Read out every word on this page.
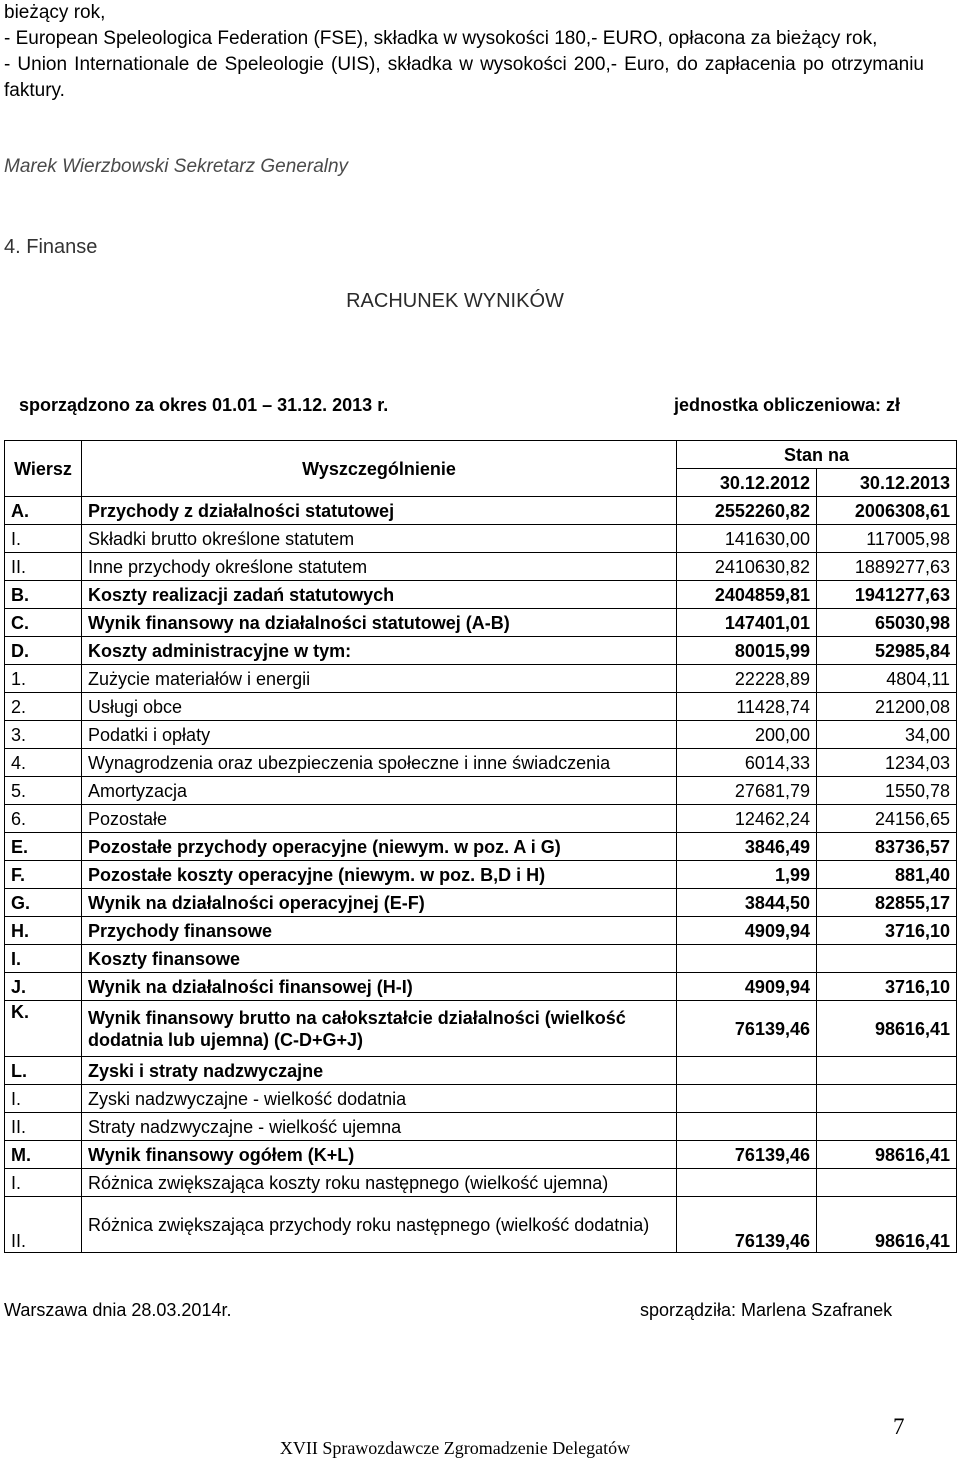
bieżący rok,

- European Speleologica Federation (FSE), składka w wysokości 180,- EURO, opłacona za bieżący rok,

- Union Internationale de Speleologie (UIS), składka w wysokości 200,- Euro, do zapłacenia po otrzymaniu faktury.

Marek Wierzbowski Sekretarz Generalny
4. Finanse
RACHUNEK WYNIKÓW
sporządzono za okres 01.01 – 31.12. 2013 r.	jednostka obliczeniowa: zł
Wiersz	Wyszczególnienie	Stan na	
		30.12.2012	30.12.2013
A.	Przychody z działalności statutowej	2552260,82	2006308,61
I.	Składki brutto określone statutem	141630,00	117005,98
II.	Inne przychody określone statutem	2410630,82	1889277,63
B.	Koszty realizacji zadań statutowych	2404859,81	1941277,63
C.	Wynik finansowy na działalności statutowej (A-B)	147401,01	65030,98
D.	Koszty administracyjne w tym:	80015,99	52985,84
1.	Zużycie materiałów i energii	22228,89	4804,11
2.	Usługi obce	11428,74	21200,08
3.	Podatki i opłaty	200,00	34,00
4.	Wynagrodzenia oraz ubezpieczenia społeczne i inne świadczenia	6014,33	1234,03
5.	Amortyzacja	27681,79	1550,78
6.	Pozostałe	12462,24	24156,65
E.	Pozostałe przychody operacyjne (niewym. w poz. A i G)	3846,49	83736,57
F.	Pozostałe koszty operacyjne (niewym. w poz. B,D i H)	1,99	881,40
G.	Wynik na działalności operacyjnej (E-F)	3844,50	82855,17
H.	Przychody finansowe	4909,94	3716,10
I.	Koszty finansowe		
J.	Wynik na działalności finansowej (H-I)	4909,94	3716,10
K.	Wynik finansowy brutto na całokształcie działalności (wielkość dodatnia lub ujemna) (C-D+G+J)	76139,46	98616,41
L.	Zyski i straty nadzwyczajne		
I.	Zyski nadzwyczajne - wielkość dodatnia		
II.	Straty nadzwyczajne - wielkość ujemna		
M.	Wynik finansowy ogółem (K+L)	76139,46	98616,41
I.	Różnica zwiększająca koszty roku następnego (wielkość ujemna)		
II.	Różnica zwiększająca przychody roku następnego (wielkość dodatnia)	76139,46	98616,41
Warszawa dnia 28.03.2014r.	sporządziła: Marlena Szafranek
7
XVII Sprawozdawcze Zgromadzenie Delegatów
